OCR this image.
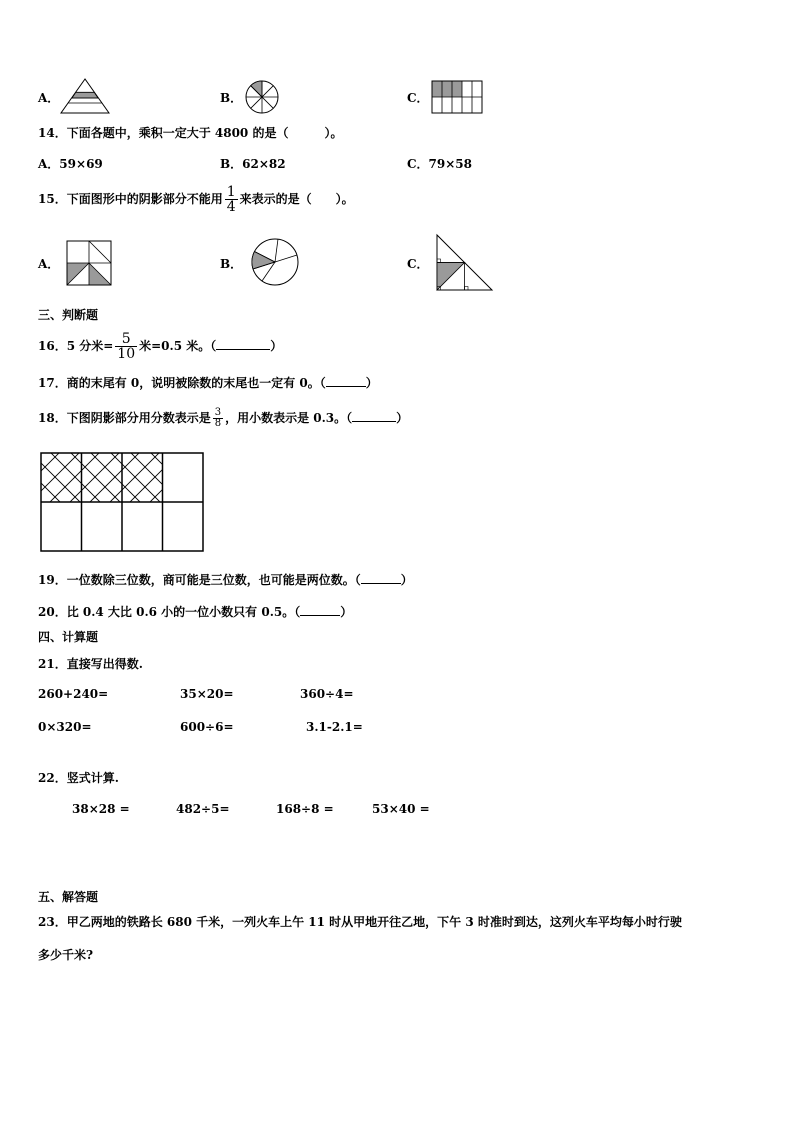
A．	B．	C．
14．下面各题中，乘积一定大于 4800 的是（　　　）。
A．59×69	B．62×82	C．79×58
15．下面图形中的阴影部分不能用 $\frac{1}{4}$ 来表示的是（　　）。
A．	B．	C．
三、判断题
16．5 分米= $\frac{5}{10}$ 米=0.5 米。（	）
17．商的末尾有 0，说明被除数的末尾也一定有 0。（	）
18．下图阴影部分用分数表示是 $\frac{3}{8}$ ，用小数表示是 0.3。（	）
19．一位数除三位数，商可能是三位数，也可能是两位数。（	）
20．比 0.4 大比 0.6 小的一位小数只有 0.5。（	）
四、计算题
21．直接写出得数.
260+240=	35×20=	360÷4=
0×320=	600÷6=	3.1-2.1=
22．竖式计算.
38×28 =	482÷5=	168÷8 =	53×40 =
五、解答题
23．甲乙两地的铁路长 680 千米，一列火车上午 11 时从甲地开往乙地，下午 3 时准时到达，这列火车平均每小时行驶
多少千米?
